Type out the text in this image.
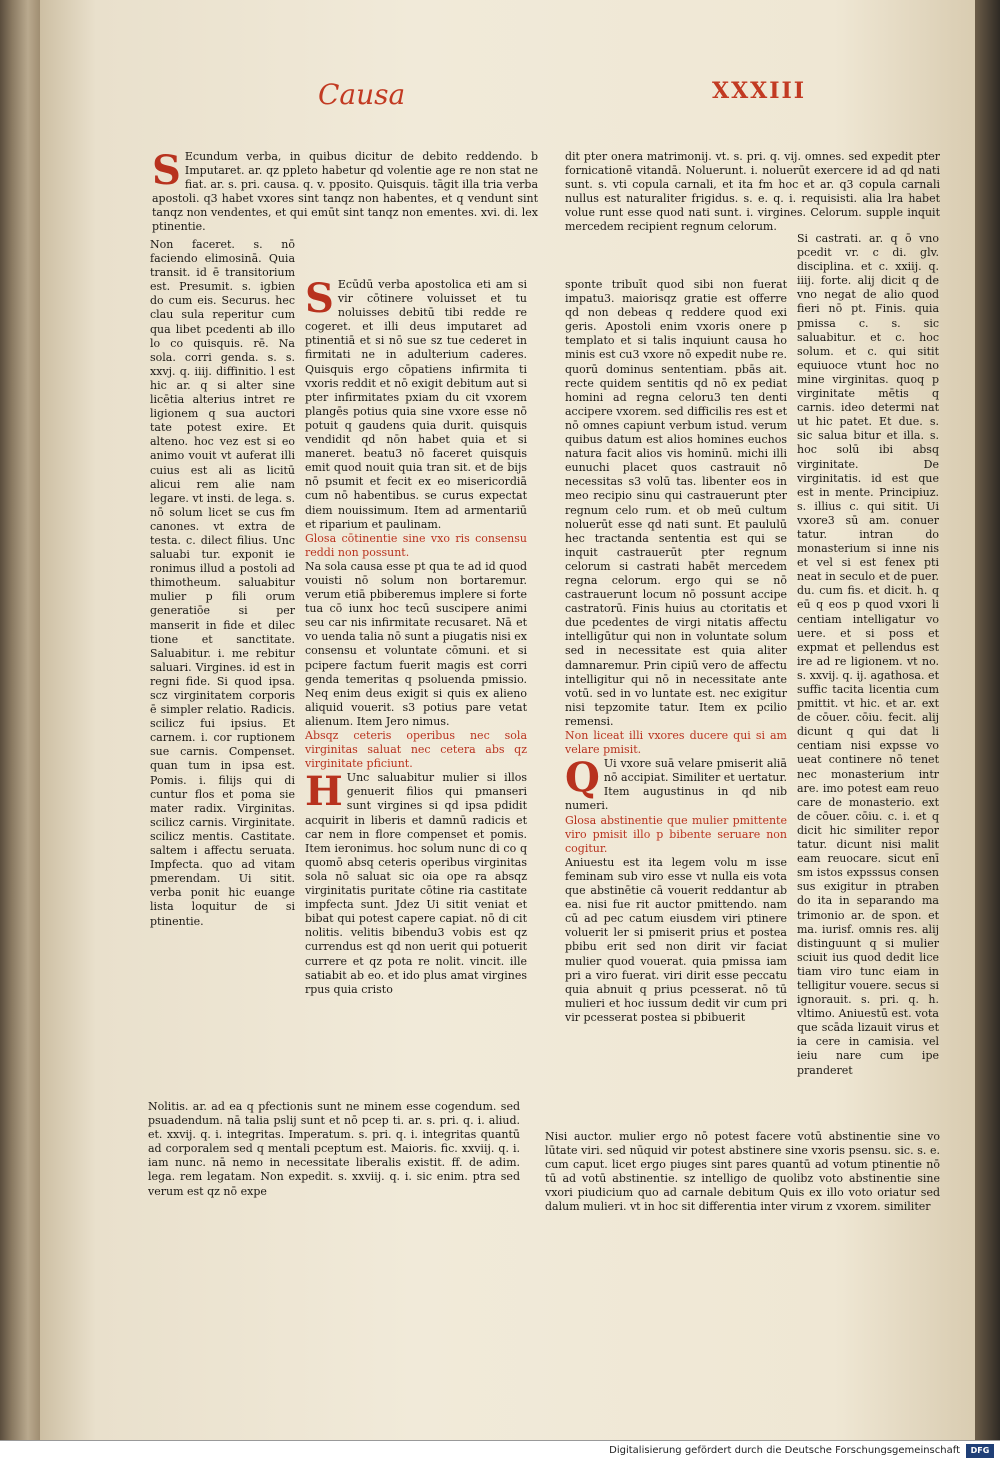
Causa	XXXIII
S Ecundum verba, in quibus dicitur de debito reddendo. b Imputaret. ar. qz ppleto habetur qd volentie age re non stat ne fiat. ar. s. pri. causa. q. v. pposito. Quisquis. tāgit illa tria verba apostoli. q3 habet vxores sint tanqz non habentes, et q vendunt sint tanqz non vendentes, et qui emūt sint tanqz non ementes. xvi. di. lex ptinentie.

dit pter onera matrimonij. vt. s. pri. q. vij. omnes. sed expedit pter fornicationē vitandā. Noluerunt. i. noluerūt exercere id ad qd nati sunt. s. vti copula carnali, et ita fm hoc et ar. q3 copula carnali nullus est naturaliter frigidus. s. e. q. i. requisisti. alia lra habet volue runt esse quod nati sunt. i. virgines. Celorum. supple inquit mercedem recipient regnum celorum.

Non faceret. s. nō faciendo elimosinā. Quia transit. id ē transitorium est. Presumit. s. igbien do cum eis. Securus. hec clau sula reperitur cum qua libet pcedenti ab illo lo co quisquis. rē. Na sola. corri genda. s. s. xxvj. q. iiij. diffinitio. l est hic ar. q si alter sine licētia alterius intret re ligionem q sua auctori tate potest exire. Et alteno. hoc vez est si eo animo vouit vt auferat illi cuius est ali as licitū alicui rem alie nam legare. vt insti. de lega. s. nō solum licet se cus fm canones. vt extra de testa. c. dilect filius. Unc saluabi tur. exponit ie ronimus illud a postoli ad thimotheum. saluabitur mulier p fili orum generatiōe si per manserit in fide et dilec tione et sanctitate. Saluabitur. i. me rebitur saluari. Virgines. id est in regni fide. Si quod ipsa. scz virginitatem corporis ē simpler relatio. Radicis. scilicz fui ipsius. Et carnem. i. cor ruptionem sue carnis. Compenset. quan tum in ipsa est. Pomis. i. filijs qui di cuntur flos et poma sie mater radix. Virginitas. scilicz carnis. Virginitate. scilicz mentis. Castitate. saltem i affectu seruata. Impfecta. quo ad vitam pmerendam. Ui sitit. verba ponit hic euange lista loquitur de si ptinentie.

S Ecūdū verba apostolica eti am si vir cōtinere voluisset et tu noluisses debitū tibi redde re cogeret. et illi deus imputaret ad ptinentiā et si nō sue sz tue cederet in firmitati ne in adulterium caderes. Quisquis ergo cōpatiens infirmita ti vxoris reddit et nō exigit debitum aut si pter infirmitates pxiam du cit vxorem plangēs potius quia sine vxore esse nō potuit q gaudens quia durit. quisquis vendidit qd nōn habet quia et si maneret. beatu3 nō faceret quisquis emit quod nouit quia tran sit. et de bijs nō psumit et fecit ex eo misericordiā cum nō habentibus. se curus expectat diem nouissimum. Item ad armentariū et riparium et paulinam.

Glosa cōtinentie sine vxo ris consensu reddi non possunt.

Na sola causa esse pt qua te ad id quod vouisti nō solum non bortaremur. verum etiā pbiberemus implere si forte tua cō iunx hoc tecū suscipere animi seu car nis infirmitate recusaret. Nā et vo uenda talia nō sunt a piugatis nisi ex consensu et voluntate cōmuni. et si pcipere factum fuerit magis est corri genda temeritas q psoluenda pmissio. Neq enim deus exigit si quis ex alieno aliquid vouerit. s3 potius pare vetat alienum. Item Jero nimus.

Absqz ceteris operibus nec sola virginitas saluat nec cetera abs qz virginitate pficiunt.

H Unc saluabitur mulier si illos genuerit filios qui pmanseri sunt virgines si qd ipsa pdidit acquirit in liberis et damnū radicis et car nem in flore compenset et pomis. Item ieronimus. hoc solum nunc di co q quomō absq ceteris operibus virginitas sola nō saluat sic oia ope ra absqz virginitatis puritate cōtine ria castitate impfecta sunt. Jdez Ui sitit veniat et bibat qui potest capere capiat. nō di cit nolitis. velitis bibendu3 vobis est qz currendus est qd non uerit qui potuerit currere et qz pota re nolit. vincit. ille satiabit ab eo. et ido plus amat virgines rpus quia cristo

sponte tribuīt quod sibi non fuerat impatu3. maiorisqz gratie est offerre qd non debeas q reddere quod exi geris. Apostoli enim vxoris onere p templato et si talis inquiunt causa ho minis est cu3 vxore nō expedit nube re. quorū dominus sententiam. pbās ait. recte quidem sentitis qd nō ex pediat homini ad regna celoru3 ten denti accipere vxorem. sed difficilis res est et nō omnes capiunt verbum istud. verum quibus datum est alios homines euchos natura facit alios vis hominū. michi illi eunuchi placet quos castrauit nō necessitas s3 volū tas. libenter eos in meo recipio sinu qui castrauerunt pter regnum celo rum. et ob meū cultum noluerūt esse qd nati sunt. Et paululū hec tractanda sententia est qui se inquit castrauerūt pter regnum celorum si castrati habēt mercedem regna celorum. ergo qui se nō castrauerunt locum nō possunt accipe castratorū. Finis huius au ctoritatis et due pcedentes de virgi nitatis affectu intelligūtur qui non in voluntate solum sed in necessitate est quia aliter damnaremur. Prin cipiū vero de affectu intelligitur qui nō in necessitate ante votū. sed in vo luntate est. nec exigitur nisi tepzomite tatur. Item ex pcilio remensi.

Non liceat illi vxores ducere qui si am velare pmisit.

Q Ui vxore suā velare pmiserit aliā nō accipiat. Similiter et uertatur. Item augustinus in qd nib numeri.

Glosa abstinentie que mulier pmittente viro pmisit illo p bibente seruare non cogitur.

Aniuestu est ita legem volu m isse feminam sub viro esse vt nulla eis vota que abstinētie cā vouerit reddantur ab ea. nisi fue rit auctor pmittendo. nam cū ad pec catum eiusdem viri ptinere voluerit ler si pmiserit prius et postea pbibu erit sed non dirit vir faciat mulier quod vouerat. quia pmissa iam pri a viro fuerat. viri dirit esse peccatu quia abnuit q prius pcesserat. nō tū mulieri et hoc iussum dedit vir cum pri vir pcesserat postea si pbibuerit

Si castrati. ar. q ō vno pcedit vr. c di. glv. disciplina. et c. xxiij. q. iiij. forte. alij dicit q de vno negat de alio quod fieri nō pt. Finis. quia pmissa c. s. sic saluabitur. et c. hoc solum. et c. qui sitit equiuoce vtunt hoc no mine virginitas. quoq p virginitate mētis q carnis. ideo determi nat ut hic patet. Et due. s. sic salua bitur et illa. s. hoc solū ibi absq virginitate. De virginitatis. id est que est in mente. Principiuz. s. illius c. qui sitit. Ui vxore3 sū am. conuer tatur. intran do monasterium si inne nis et vel si est fenex pti neat in seculo et de puer. du. cum fis. et dicit. h. q eū q eos p quod vxori li centiam intelligatur vo uere. et si poss et expmat et pellendus est ire ad re ligionem. vt no. s. xxvij. q. ij. agathosa. et suffic tacita licentia cum pmittit. vt hic. et ar. ext de cōuer. cōiu. fecit. alij dicunt q qui dat li centiam nisi expsse vo ueat continere nō tenet nec monasterium intr are. imo potest eam reuo care de monasterio. ext de cōuer. cōiu. c. i. et q dicit hic similiter repor tatur. dicunt nisi malit eam reuocare. sicut enī sm istos expsssus consen sus exigitur in ptraben do ita in separando ma trimonio ar. de spon. et ma. iurisf. omnis res. alij distinguunt q si mulier sciuit ius quod dedit lice tiam viro tunc eiam in telligitur vouere. secus si ignorauit. s. pri. q. h. vltimo. Aniuestū est. vota que scāda lizauit virus et ia cere in camisia. vel ieiu nare cum ipe pranderet

Nolitis. ar. ad ea q pfectionis sunt ne minem esse cogendum. sed psuadendum. nā talia pslij sunt et nō pcep ti. ar. s. pri. q. i. aliud. et. xxvij. q. i. integritas. Imperatum. s. pri. q. i. integritas quantū ad corporalem sed q mentali pceptum est. Maioris. fic. xxviij. q. i. iam nunc. nā nemo in necessitate liberalis existit. ff. de adim. lega. rem legatam. Non expedit. s. xxviij. q. i. sic enim. ptra sed verum est qz nō expe

Nisi auctor. mulier ergo nō potest facere votū abstinentie sine vo lūtate viri. sed nūquid vir potest abstinere sine vxoris psensu. sic. s. e. cum caput. licet ergo piuges sint pares quantū ad votum ptinentie nō tū ad votū abstinentie. sz intelligo de quolibz voto abstinentie sine vxori piudicium quo ad carnale debitum Quis ex illo voto oriatur sed dalum mulieri. vt in hoc sit differentia inter virum z vxorem. similiter

Digitalisierung gefördert durch die Deutsche Forschungsgemeinschaft	DFG
